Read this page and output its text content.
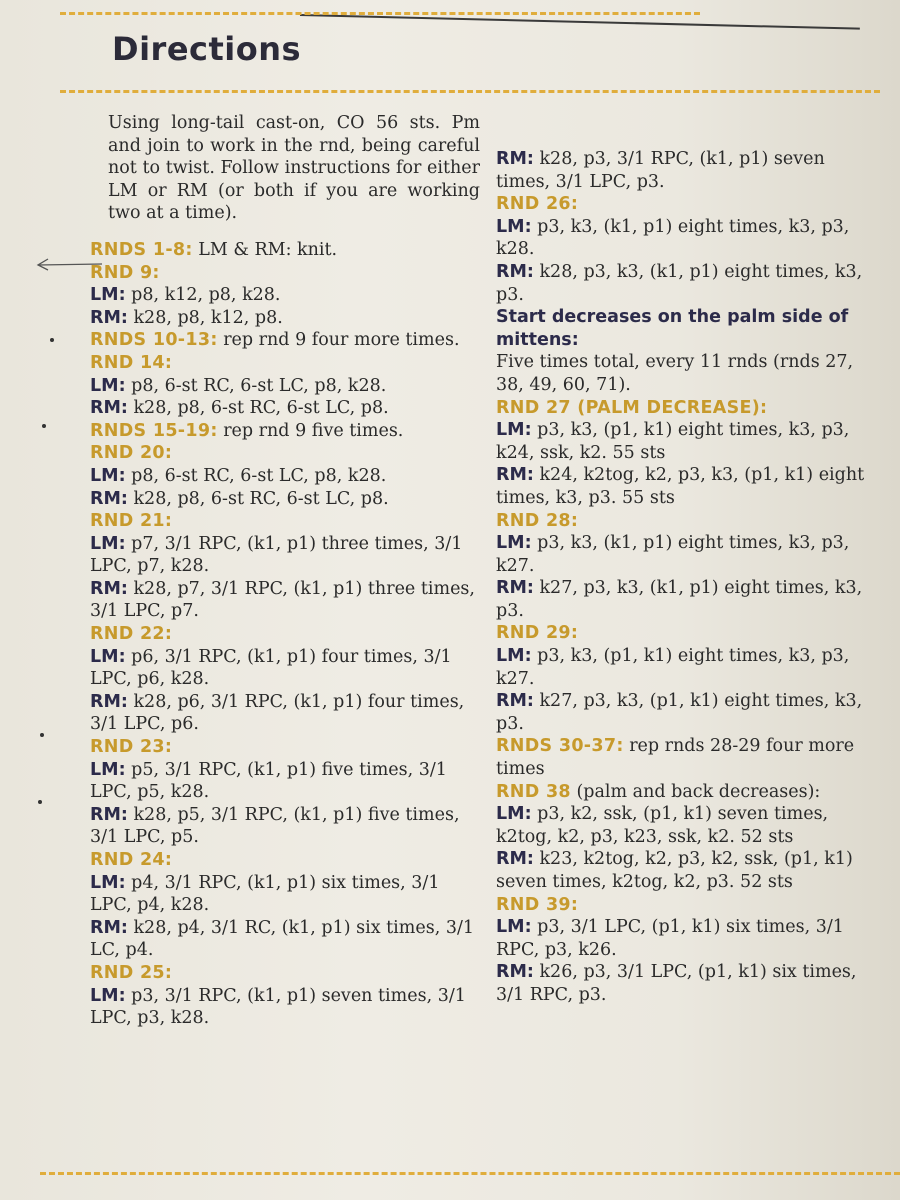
Directions

Using long-tail cast-on, CO 56 sts. Pm and join to work in the rnd, being careful not to twist. Follow instructions for either LM or RM (or both if you are working two at a time).

RNDS 1-8: LM & RM: knit.

RND 9:

LM: p8, k12, p8, k28.

RM: k28, p8, k12, p8.

RNDS 10-13: rep rnd 9 four more times.

RND 14:

LM: p8, 6-st RC, 6-st LC, p8, k28.

RM: k28, p8, 6-st RC, 6-st LC, p8.

RNDS 15-19: rep rnd 9 five times.

RND 20:

LM: p8, 6-st RC, 6-st LC, p8, k28.

RM: k28, p8, 6-st RC, 6-st LC, p8.

RND 21:

LM: p7, 3/1 RPC, (k1, p1) three times, 3/1 LPC, p7, k28.

RM: k28, p7, 3/1 RPC, (k1, p1) three times, 3/1 LPC, p7.

RND 22:

LM: p6, 3/1 RPC, (k1, p1) four times, 3/1 LPC, p6, k28.

RM: k28, p6, 3/1 RPC, (k1, p1) four times, 3/1 LPC, p6.

RND 23:

LM: p5, 3/1 RPC, (k1, p1) five times, 3/1 LPC, p5, k28.

RM: k28, p5, 3/1 RPC, (k1, p1) five times, 3/1 LPC, p5.

RND 24:

LM: p4, 3/1 RPC, (k1, p1) six times, 3/1 LPC, p4, k28.

RM: k28, p4, 3/1 RC, (k1, p1) six times, 3/1 LC, p4.

RND 25:

LM: p3, 3/1 RPC, (k1, p1) seven times, 3/1 LPC, p3, k28.

RM: k28, p3, 3/1 RPC, (k1, p1) seven times, 3/1 LPC, p3.

RND 26:

LM: p3, k3, (k1, p1) eight times, k3, p3, k28.

RM: k28, p3, k3, (k1, p1) eight times, k3, p3.

Start decreases on the palm side of mittens:

Five times total, every 11 rnds (rnds 27, 38, 49, 60, 71).

RND 27 (PALM DECREASE):

LM: p3, k3, (p1, k1) eight times, k3, p3, k24, ssk, k2. 55 sts

RM: k24, k2tog, k2, p3, k3, (p1, k1) eight times, k3, p3. 55 sts

RND 28:

LM: p3, k3, (k1, p1) eight times, k3, p3, k27.

RM: k27, p3, k3, (k1, p1) eight times, k3, p3.

RND 29:

LM: p3, k3, (p1, k1) eight times, k3, p3, k27.

RM: k27, p3, k3, (p1, k1) eight times, k3, p3.

RNDS 30-37: rep rnds 28-29 four more times

RND 38 (palm and back decreases):

LM: p3, k2, ssk, (p1, k1) seven times, k2tog, k2, p3, k23, ssk, k2. 52 sts

RM: k23, k2tog, k2, p3, k2, ssk, (p1, k1) seven times, k2tog, k2, p3. 52 sts

RND 39:

LM: p3, 3/1 LPC, (p1, k1) six times, 3/1 RPC, p3, k26.

RM: k26, p3, 3/1 LPC, (p1, k1) six times, 3/1 RPC, p3.
